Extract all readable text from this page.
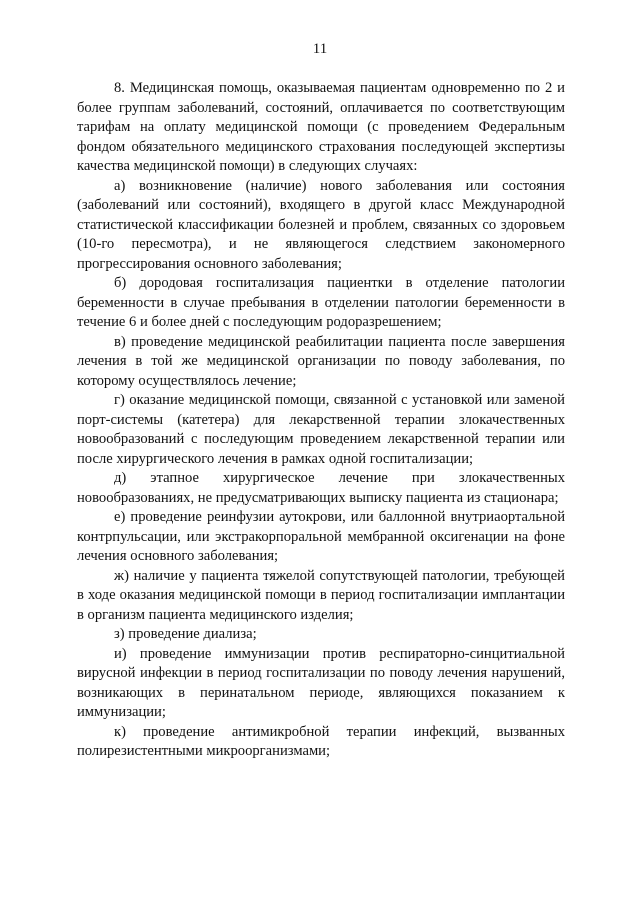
11

8. Медицинская помощь, оказываемая пациентам одновременно по 2 и более группам заболеваний, состояний, оплачивается по соответствующим тарифам на оплату медицинской помощи (с проведением Федеральным фондом обязательного медицинского страхования последующей экспертизы качества медицинской помощи) в следующих случаях:

а) возникновение (наличие) нового заболевания или состояния (заболеваний или состояний), входящего в другой класс Международной статистической классификации болезней и проблем, связанных со здоровьем (10-го пересмотра), и не являющегося следствием закономерного прогрессирования основного заболевания;

б) дородовая госпитализация пациентки в отделение патологии беременности в случае пребывания в отделении патологии беременности в течение 6 и более дней с последующим родоразрешением;

в) проведение медицинской реабилитации пациента после завершения лечения в той же медицинской организации по поводу заболевания, по которому осуществлялось лечение;

г) оказание медицинской помощи, связанной с установкой или заменой порт-системы (катетера) для лекарственной терапии злокачественных новообразований с последующим проведением лекарственной терапии или после хирургического лечения в рамках одной госпитализации;

д) этапное хирургическое лечение при злокачественных новообразованиях, не предусматривающих выписку пациента из стационара;

е) проведение реинфузии аутокрови, или баллонной внутриаортальной контрпульсации, или экстракорпоральной мембранной оксигенации на фоне лечения основного заболевания;

ж) наличие у пациента тяжелой сопутствующей патологии, требующей в ходе оказания медицинской помощи в период госпитализации имплантации в организм пациента медицинского изделия;

з) проведение диализа;

и) проведение иммунизации против респираторно-синцитиальной вирусной инфекции в период госпитализации по поводу лечения нарушений, возникающих в перинатальном периоде, являющихся показанием к иммунизации;

к) проведение антимикробной терапии инфекций, вызванных полирезистентными микроорганизмами;
